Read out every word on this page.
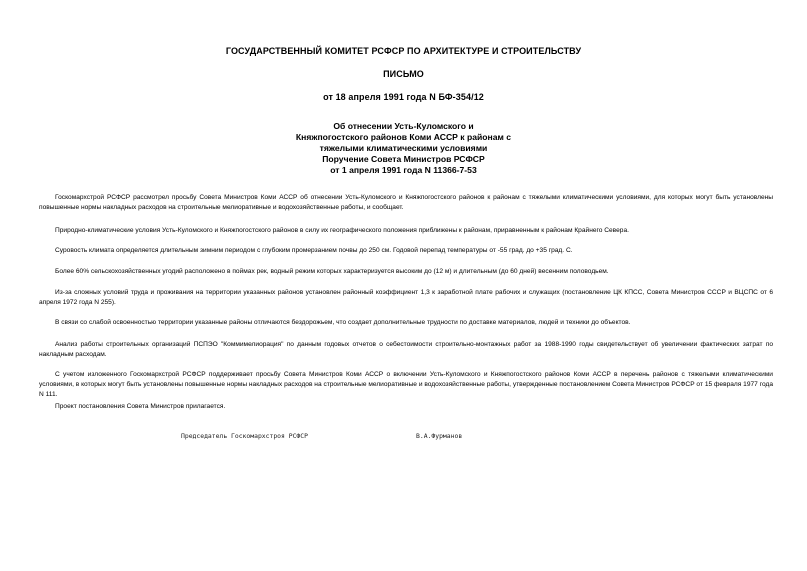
ГОСУДАРСТВЕННЫЙ КОМИТЕТ РСФСР ПО АРХИТЕКТУРЕ И СТРОИТЕЛЬСТВУ
ПИСЬМО
от 18 апреля 1991 года N БФ-354/12
Об отнесении Усть-Куломского и
Княжпогостского районов Коми АССР к районам с
тяжелыми климатическими условиями
Поручение Совета Министров РСФСР
от 1 апреля 1991 года N 11366-7-53

Госкомархстрой РСФСР рассмотрел просьбу Совета Министров Коми АССР об отнесении Усть-Куломского и Княжпогостского районов к районам с тяжелыми климатическими условиями, для которых могут быть установлены повышенные нормы накладных расходов на строительные мелиоративные и водохозяйственные работы, и сообщает.

Природно-климатические условия Усть-Куломского и Княжпогостского районов в силу их географического положения приближены к районам, приравненным к районам Крайнего Севера.

Суровость климата определяется длительным зимним периодом с глубоким промерзанием почвы до 250 см. Годовой перепад температуры от -55 град. до +35 град. С.

Более 60% сельскохозяйственных угодий расположено в поймах рек, водный режим которых характеризуется высоким до (12 м) и длительным (до 60 дней) весенним половодьем.

Из-за сложных условий труда и проживания на территории указанных районов установлен районный коэффициент 1,3 к заработной плате рабочих и служащих (постановление ЦК КПСС, Совета Министров СССР и ВЦСПС от 6 апреля 1972 года N 255).

В связи со слабой освоенностью территории указанные районы отличаются бездорожьем, что создает дополнительные трудности по доставке материалов, людей и техники до объектов.

Анализ работы строительных организаций ПСПЭО "Коммимелиорация" по данным годовых отчетов о себестоимости строительно-монтажных работ за 1988-1990 годы свидетельствует об увеличении фактических затрат по накладным расходам.

С учетом изложенного Госкомархстрой РСФСР поддерживает просьбу Совета Министров Коми АССР о включении Усть-Куломского и Княжпогостского районов Коми АССР в перечень районов с тяжелыми климатическими условиями, в которых могут быть установлены повышенные нормы накладных расходов на строительные мелиоративные и водохозяйственные работы, утвержденные постановлением Совета Министров РСФСР от 15 февраля 1977 года N 111.

Проект постановления Совета Министров прилагается.

Председатель Госкомархстроя РСФСР	В.А.Фурманов
